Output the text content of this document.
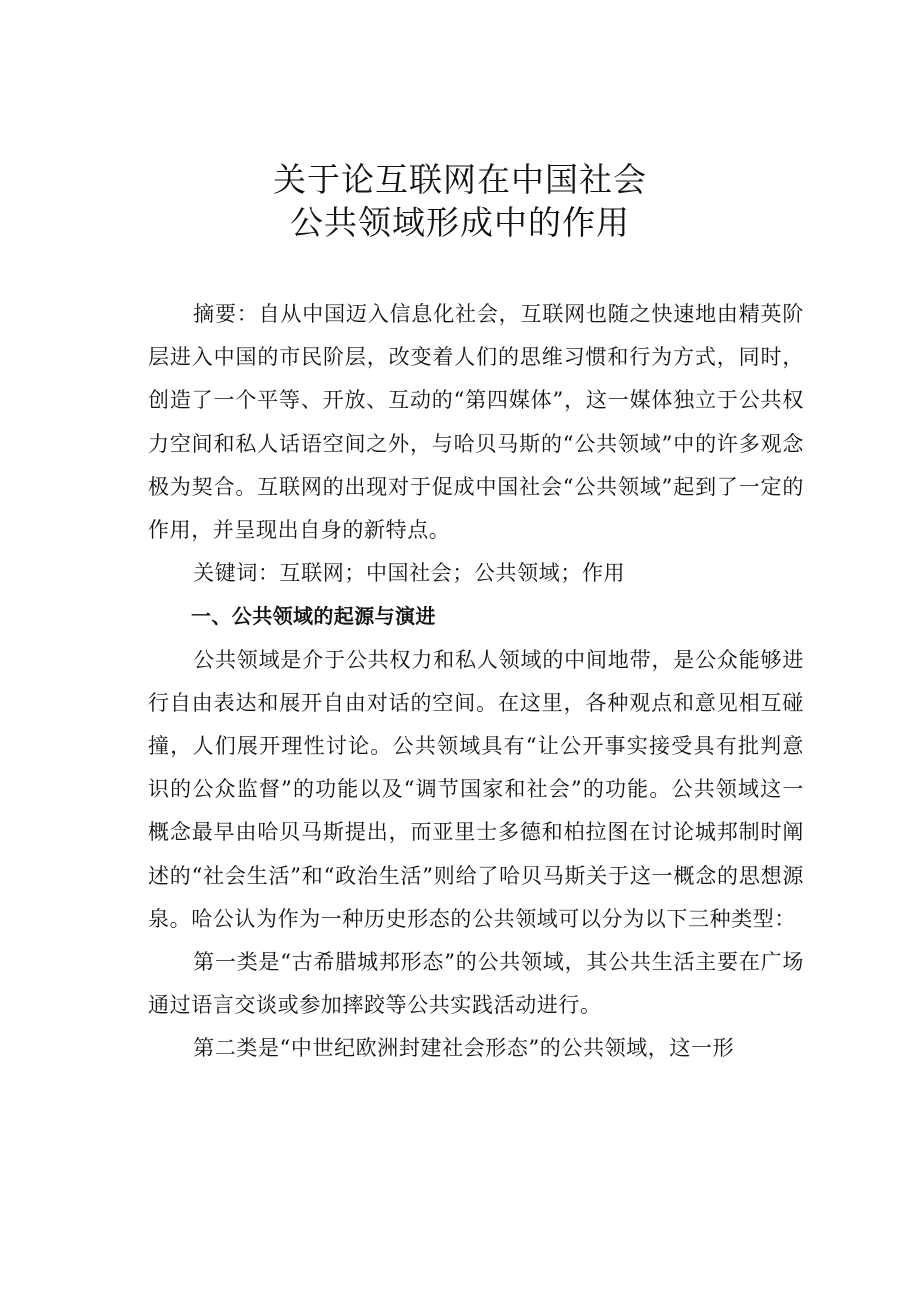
关于论互联网在中国社会
公共领域形成中的作用

摘要：自从中国迈入信息化社会，互联网也随之快速地由精英阶层进入中国的市民阶层，改变着人们的思维习惯和行为方式，同时，创造了一个平等、开放、互动的“第四媒体”，这一媒体独立于公共权力空间和私人话语空间之外，与哈贝马斯的“公共领域”中的许多观念极为契合。互联网的出现对于促成中国社会“公共领域”起到了一定的作用，并呈现出自身的新特点。

关键词：互联网；中国社会；公共领域；作用

一、公共领域的起源与演进

公共领域是介于公共权力和私人领域的中间地带，是公众能够进行自由表达和展开自由对话的空间。在这里，各种观点和意见相互碰撞，人们展开理性讨论。公共领域具有“让公开事实接受具有批判意识的公众监督”的功能以及“调节国家和社会”的功能。公共领域这一概念最早由哈贝马斯提出，而亚里士多德和柏拉图在讨论城邦制时阐述的“社会生活”和“政治生活”则给了哈贝马斯关于这一概念的思想源泉。哈公认为作为一种历史形态的公共领域可以分为以下三种类型：

第一类是“古希腊城邦形态”的公共领域，其公共生活主要在广场通过语言交谈或参加摔跤等公共实践活动进行。

第二类是“中世纪欧洲封建社会形态”的公共领域，这一形
